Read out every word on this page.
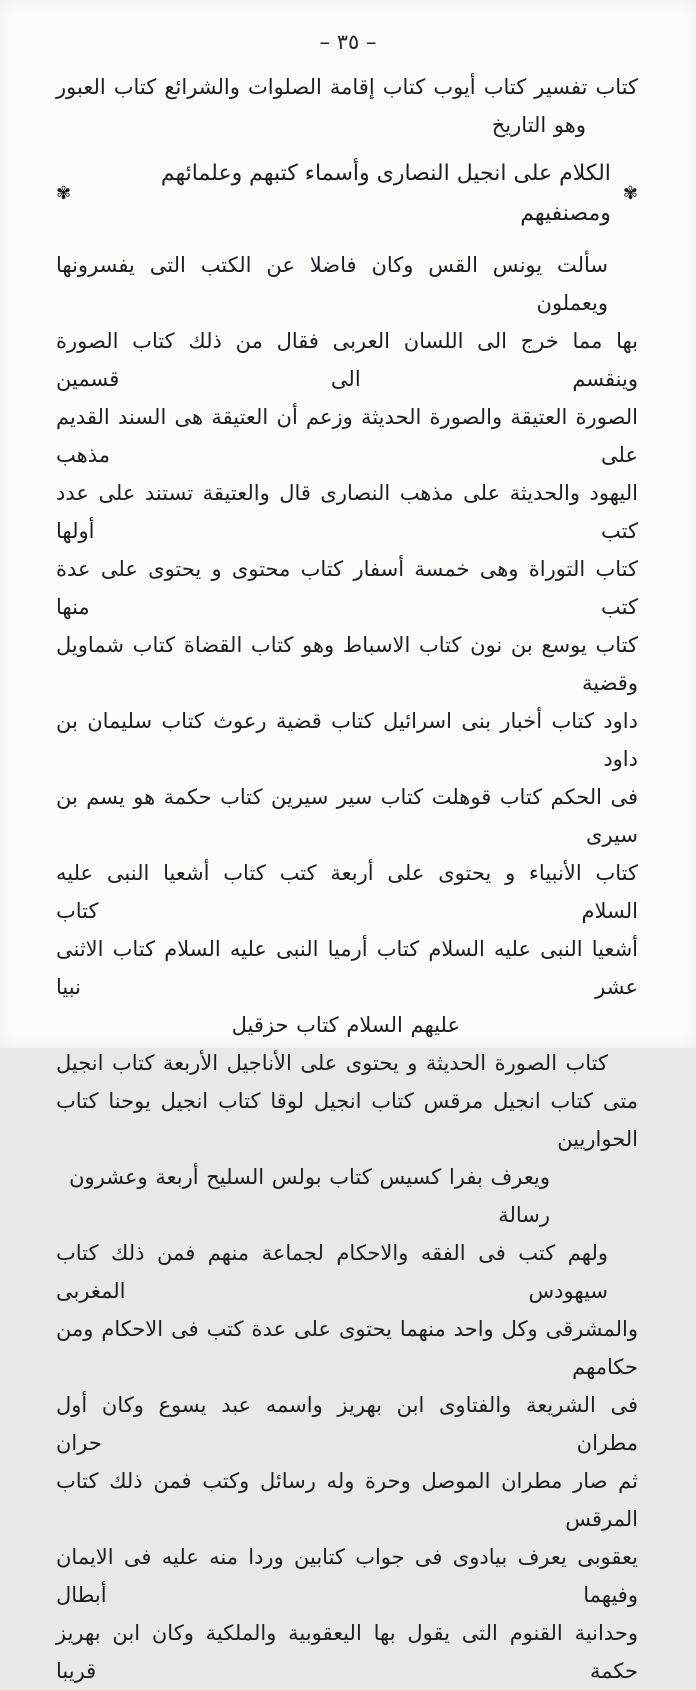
– ٣٥ –
كتاب تفسير كتاب أيوب كتاب إقامة الصلوات والشرائع كتاب العبور
وهو التاريخ
✾
الكلام على انجيل النصارى وأسماء كتبهم وعلمائهم ومصنفيهم
✾
سألت يونس القس وكان فاضلا عن الكتب التى يفسرونها ويعملون
بها مما خرج الى اللسان العربى فقال من ذلك كتاب الصورة وينقسم الى قسمين
الصورة العتيقة والصورة الحديثة وزعم أن العتيقة هى السند القديم على مذهب
اليهود والحديثة على مذهب النصارى قال والعتيقة تستند على عدد كتب أولها
كتاب التوراة وهى خمسة أسفار كتاب محتوى و يحتوى على عدة كتب منها
كتاب يوسع بن نون كتاب الاسباط وهو كتاب القضاة كتاب شماويل وقضية
داود كتاب أخبار بنى اسرائيل كتاب قضية رعوث كتاب سليمان بن داود
فى الحكم كتاب قوهلت كتاب سير سيرين كتاب حكمة هو يسم بن سيرى
كتاب الأنبياء و يحتوى على أربعة كتب كتاب أشعيا النبى عليه السلام كتاب
أشعيا النبى عليه السلام كتاب أرميا النبى عليه السلام كتاب الاثنى عشر نبيا
عليهم السلام كتاب حزقيل
كتاب الصورة الحديثة و يحتوى على الأناجيل الأربعة كتاب انجيل
متى كتاب انجيل مرقس كتاب انجيل لوقا كتاب انجيل يوحنا كتاب الحواريين
ويعرف بفرا كسيس كتاب بولس السليح أربعة وعشرون رسالة
ولهم كتب فى الفقه والاحكام لجماعة منهم فمن ذلك كتاب سيهودس المغربى
والمشرقى وكل واحد منهما يحتوى على عدة كتب فى الاحكام ومن حكامهم
فى الشريعة والفتاوى ابن بهريز واسمه عبد يسوع وكان أول مطران حران
ثم صار مطران الموصل وحرة وله رسائل وكتب فمن ذلك كتاب المرقس
يعقوبى يعرف بيادوى فى جواب كتابين وردا منه عليه فى الايمان وفيهما أبطال
وحدانية القنوم التى يقول بها اليعقوبية والملكية وكان ابن بهريز حكمة قريبا
